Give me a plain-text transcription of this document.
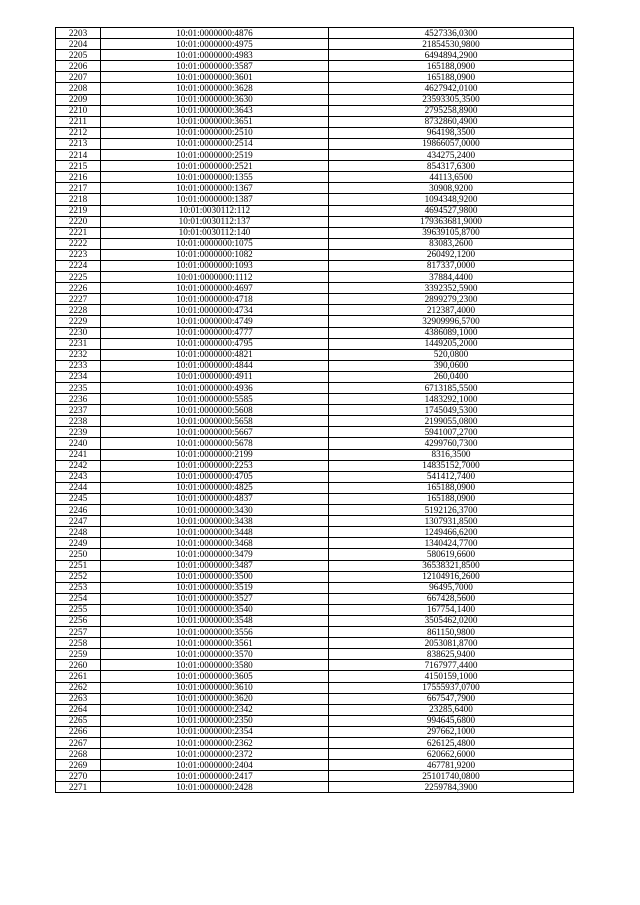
2203	10:01:0000000:4876	4527336,0300
2204	10:01:0000000:4975	21854530,9800
2205	10:01:0000000:4983	6494894,2900
2206	10:01:0000000:3587	165188,0900
2207	10:01:0000000:3601	165188,0900
2208	10:01:0000000:3628	4627942,0100
2209	10:01:0000000:3630	23593305,3500
2210	10:01:0000000:3643	2795258,8900
2211	10:01:0000000:3651	8732860,4900
2212	10:01:0000000:2510	964198,3500
2213	10:01:0000000:2514	19866057,0000
2214	10:01:0000000:2519	434275,2400
2215	10:01:0000000:2521	854317,6300
2216	10:01:0000000:1355	44113,6500
2217	10:01:0000000:1367	30908,9200
2218	10:01:0000000:1387	1094348,9200
2219	10:01:0030112:112	4694527,9800
2220	10:01:0030112:137	179363681,9000
2221	10:01:0030112:140	39639105,8700
2222	10:01:0000000:1075	83083,2600
2223	10:01:0000000:1082	260492,1200
2224	10:01:0000000:1093	817337,0000
2225	10:01:0000000:1112	37884,4400
2226	10:01:0000000:4697	3392352,5900
2227	10:01:0000000:4718	2899279,2300
2228	10:01:0000000:4734	212387,4000
2229	10:01:0000000:4749	32909996,5700
2230	10:01:0000000:4777	4386089,1000
2231	10:01:0000000:4795	1449205,2000
2232	10:01:0000000:4821	520,0800
2233	10:01:0000000:4844	390,0600
2234	10:01:0000000:4911	260,0400
2235	10:01:0000000:4936	6713185,5500
2236	10:01:0000000:5585	1483292,1000
2237	10:01:0000000:5608	1745049,5300
2238	10:01:0000000:5658	2199055,0800
2239	10:01:0000000:5667	5941007,2700
2240	10:01:0000000:5678	4299760,7300
2241	10:01:0000000:2199	8316,3500
2242	10:01:0000000:2253	14835152,7000
2243	10:01:0000000:4705	541412,7400
2244	10:01:0000000:4825	165188,0900
2245	10:01:0000000:4837	165188,0900
2246	10:01:0000000:3430	5192126,3700
2247	10:01:0000000:3438	1307931,8500
2248	10:01:0000000:3448	1249466,6200
2249	10:01:0000000:3468	1340424,7700
2250	10:01:0000000:3479	580619,6600
2251	10:01:0000000:3487	36538321,8500
2252	10:01:0000000:3500	12104916,2600
2253	10:01:0000000:3519	96495,7000
2254	10:01:0000000:3527	667428,5600
2255	10:01:0000000:3540	167754,1400
2256	10:01:0000000:3548	3505462,0200
2257	10:01:0000000:3556	861150,9800
2258	10:01:0000000:3561	2053081,8700
2259	10:01:0000000:3570	838625,9400
2260	10:01:0000000:3580	7167977,4400
2261	10:01:0000000:3605	4150159,1000
2262	10:01:0000000:3610	17555937,0700
2263	10:01:0000000:3620	667547,7900
2264	10:01:0000000:2342	23285,6400
2265	10:01:0000000:2350	994645,6800
2266	10:01:0000000:2354	297662,1000
2267	10:01:0000000:2362	626125,4800
2268	10:01:0000000:2372	620662,6000
2269	10:01:0000000:2404	467781,9200
2270	10:01:0000000:2417	25101740,0800
2271	10:01:0000000:2428	2259784,3900
